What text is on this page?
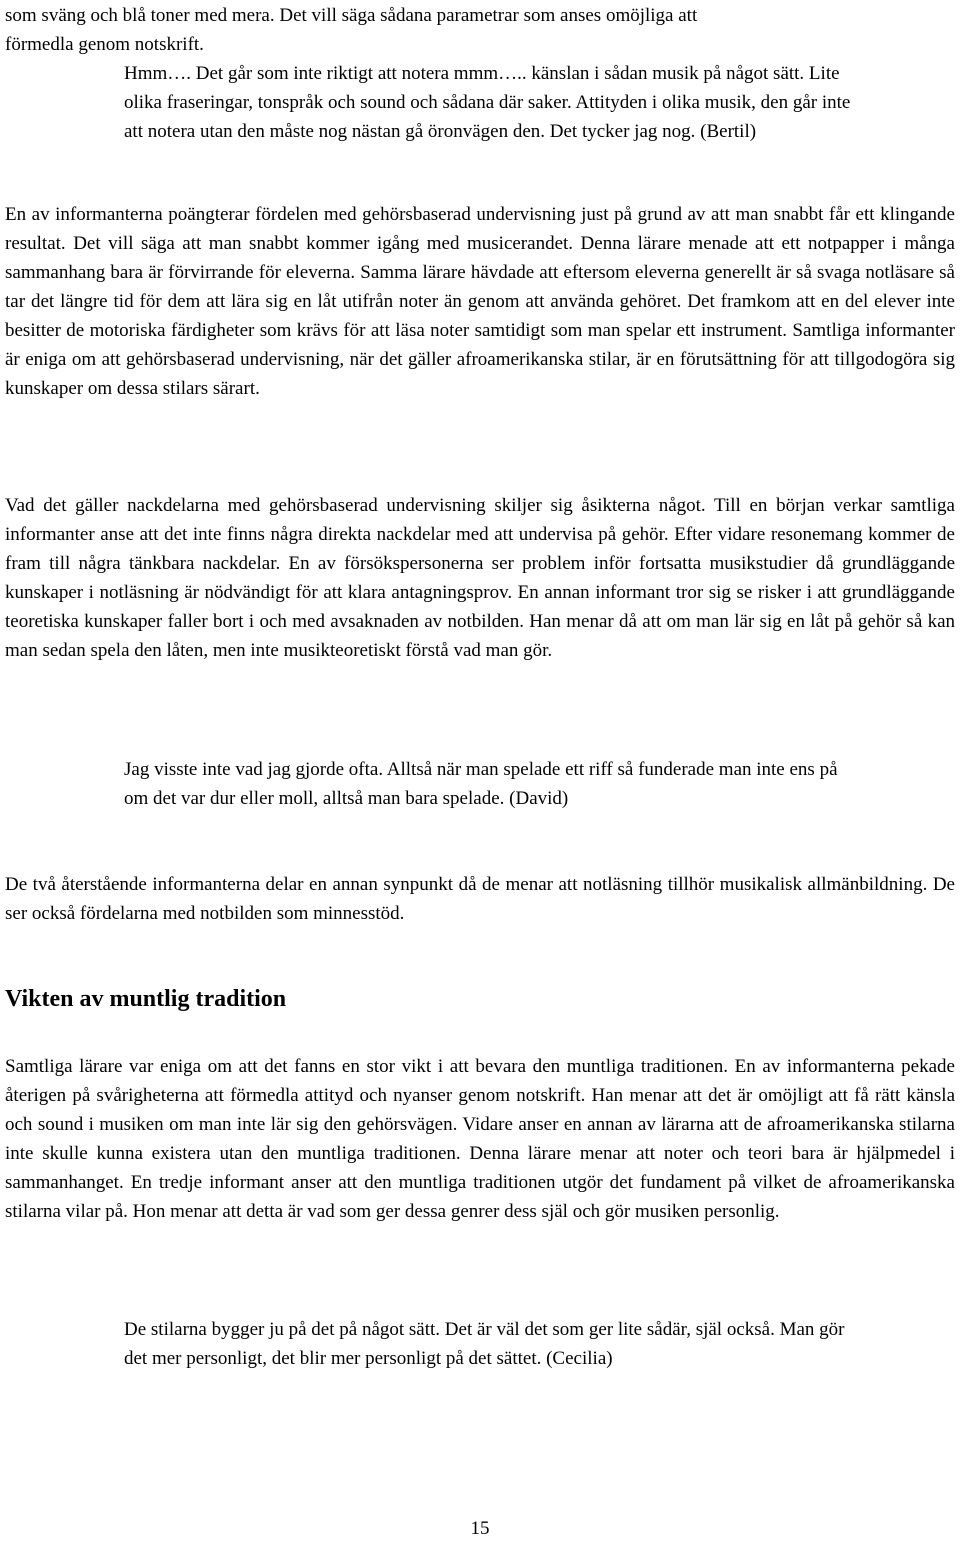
som sväng och blå toner med mera. Det vill säga sådana parametrar som anses omöjliga att

förmedla genom notskrift.

Hmm…. Det går som inte riktigt att notera mmm….. känslan i sådan musik på något sätt. Lite olika fraseringar, tonspråk och sound och sådana där saker. Attityden i olika musik, den går inte att notera utan den måste nog nästan gå öronvägen den. Det tycker jag nog. (Bertil)

En av informanterna poängterar fördelen med gehörsbaserad undervisning just på grund av att man snabbt får ett klingande resultat. Det vill säga att man snabbt kommer igång med musicerandet. Denna lärare menade att ett notpapper i många sammanhang bara är förvirrande för eleverna. Samma lärare hävdade att eftersom eleverna generellt är så svaga notläsare så tar det längre tid för dem att lära sig en låt utifrån noter än genom att använda gehöret. Det framkom att en del elever inte besitter de motoriska färdigheter som krävs för att läsa noter samtidigt som man spelar ett instrument. Samtliga informanter är eniga om att gehörsbaserad undervisning, när det gäller afroamerikanska stilar, är en förutsättning för att tillgodogöra sig kunskaper om dessa stilars särart.

Vad det gäller nackdelarna med gehörsbaserad undervisning skiljer sig åsikterna något. Till en början verkar samtliga informanter anse att det inte finns några direkta nackdelar med att undervisa på gehör. Efter vidare resonemang kommer de fram till några tänkbara nackdelar. En av försökspersonerna ser problem inför fortsatta musikstudier då grundläggande kunskaper i notläsning är nödvändigt för att klara antagningsprov. En annan informant tror sig se risker i att grundläggande teoretiska kunskaper faller bort i och med avsaknaden av notbilden. Han menar då att om man lär sig en låt på gehör så kan man sedan spela den låten, men inte musikteoretiskt förstå vad man gör.

Jag visste inte vad jag gjorde ofta. Alltså när man spelade ett riff så funderade man inte ens på om det var dur eller moll, alltså man bara spelade. (David)

De två återstående informanterna delar en annan synpunkt då de menar att notläsning tillhör musikalisk allmänbildning. De ser också fördelarna med notbilden som minnesstöd.

Vikten av muntlig tradition

Samtliga lärare var eniga om att det fanns en stor vikt i att bevara den muntliga traditionen. En av informanterna pekade återigen på svårigheterna att förmedla attityd och nyanser genom notskrift. Han menar att det är omöjligt att få rätt känsla och sound i musiken om man inte lär sig den gehörsvägen. Vidare anser en annan av lärarna att de afroamerikanska stilarna inte skulle kunna existera utan den muntliga traditionen. Denna lärare menar att noter och teori bara är hjälpmedel i sammanhanget. En tredje informant anser att den muntliga traditionen utgör det fundament på vilket de afroamerikanska stilarna vilar på. Hon menar att detta är vad som ger dessa genrer dess själ och gör musiken personlig.

De stilarna bygger ju på det på något sätt. Det är väl det som ger lite sådär, själ också. Man gör det mer personligt, det blir mer personligt på det sättet. (Cecilia)

15
